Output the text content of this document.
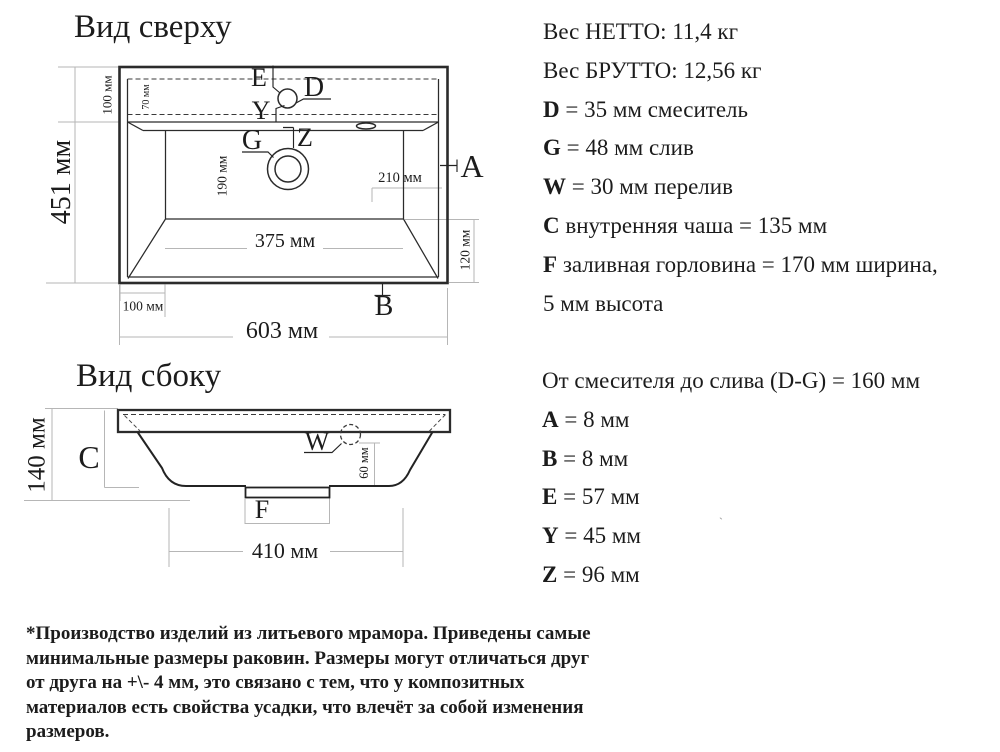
Вид сверху
451 мм
100 мм	70 мм
E D
Y
G Z
190 мм	210 мм A
120 мм
375 мм
B
100 мм
603 мм
Вид сбоку
140 мм C	W
60 мм
F
410 мм
Вес НЕТТО: 11,4 кг
Вес БРУТТО: 12,56 кг
D = 35 мм смеситель
G = 48 мм слив
W = 30 мм перелив
C внутренняя чаша = 135 мм
F заливная горловина = 170 мм ширина,
5 мм высота
От смесителя до слива (D-G) = 160 мм
A = 8 мм
B = 8 мм
E = 57 мм
Y = 45 мм
Z = 96 мм
*Производство изделий из литьевого мрамора. Приведены самые
минимальные размеры раковин. Размеры могут отличаться друг
от друга на +\- 4 мм, это связано с тем, что у композитных
материалов есть свойства усадки, что влечёт за собой изменения
размеров.
`
